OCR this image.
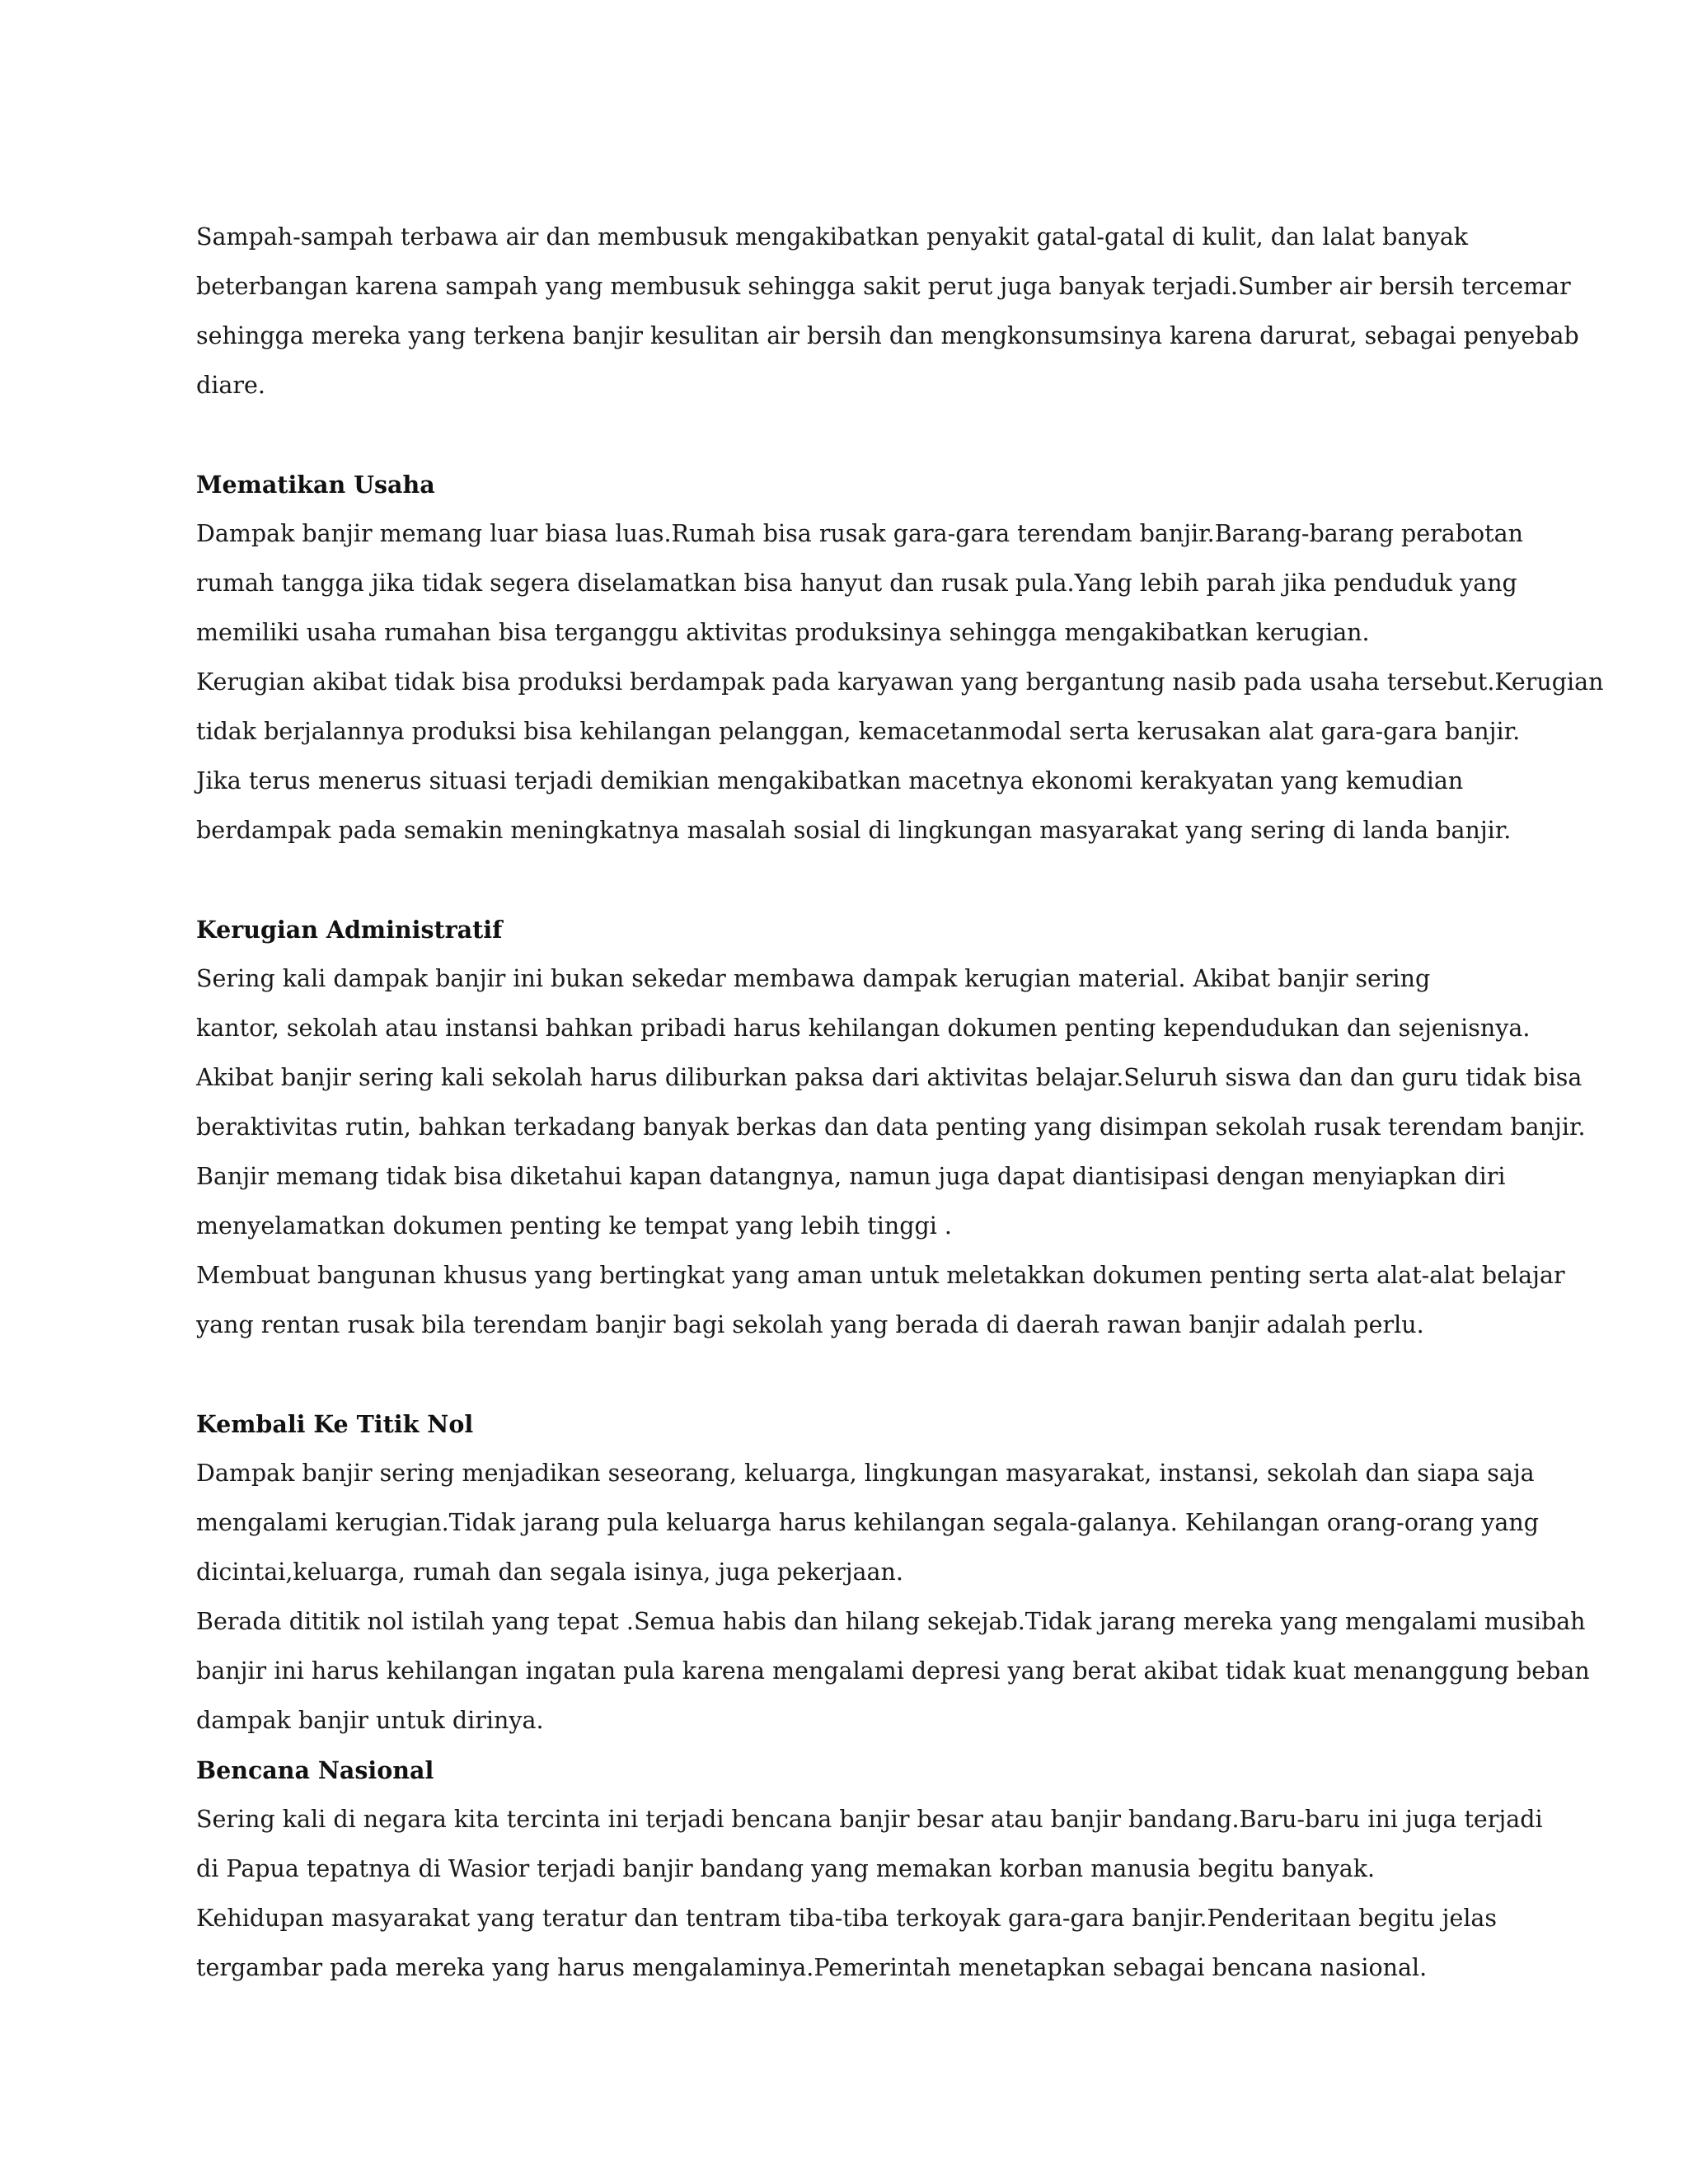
Sampah-sampah terbawa air dan membusuk mengakibatkan penyakit gatal-gatal di kulit, dan lalat banyak
beterbangan karena sampah yang membusuk sehingga sakit perut juga banyak terjadi.Sumber air bersih tercemar
sehingga mereka yang terkena banjir kesulitan air bersih dan mengkonsumsinya karena darurat, sebagai penyebab
diare.
Mematikan Usaha
Dampak banjir memang luar biasa luas.Rumah bisa rusak gara-gara terendam banjir.Barang-barang perabotan
rumah tangga jika tidak segera diselamatkan bisa hanyut dan rusak pula.Yang lebih parah jika penduduk yang
memiliki usaha rumahan bisa terganggu aktivitas produksinya sehingga mengakibatkan kerugian.
Kerugian akibat tidak bisa produksi berdampak pada karyawan yang bergantung nasib pada usaha tersebut.Kerugian
tidak berjalannya produksi bisa kehilangan pelanggan, kemacetanmodal serta kerusakan alat gara-gara banjir.
Jika terus menerus situasi terjadi demikian mengakibatkan macetnya ekonomi kerakyatan yang kemudian
berdampak pada semakin meningkatnya masalah sosial di lingkungan masyarakat yang sering di landa banjir.
Kerugian Administratif
Sering kali dampak banjir ini bukan sekedar membawa dampak kerugian material. Akibat banjir sering
kantor, sekolah atau instansi bahkan pribadi harus kehilangan dokumen penting kependudukan dan sejenisnya.
Akibat banjir sering kali sekolah harus diliburkan paksa dari aktivitas belajar.Seluruh siswa dan dan guru tidak bisa
beraktivitas rutin, bahkan terkadang banyak berkas dan data penting yang disimpan sekolah rusak terendam banjir.
Banjir memang tidak bisa diketahui kapan datangnya, namun juga dapat diantisipasi dengan menyiapkan diri
menyelamatkan dokumen penting ke tempat yang lebih tinggi .
Membuat bangunan khusus yang bertingkat yang aman untuk meletakkan dokumen penting serta alat-alat belajar
yang rentan rusak bila terendam banjir bagi sekolah yang berada di daerah rawan banjir adalah perlu.
Kembali Ke Titik Nol
Dampak banjir sering menjadikan seseorang, keluarga, lingkungan masyarakat, instansi, sekolah dan siapa saja
mengalami kerugian.Tidak jarang pula keluarga harus kehilangan segala-galanya. Kehilangan orang-orang yang
dicintai,keluarga, rumah dan segala isinya, juga pekerjaan.
Berada dititik nol istilah yang tepat .Semua habis dan hilang sekejab.Tidak jarang mereka yang mengalami musibah
banjir ini harus kehilangan ingatan pula karena mengalami depresi yang berat akibat tidak kuat menanggung beban
dampak banjir untuk dirinya.
Bencana Nasional
Sering kali di negara kita tercinta ini terjadi bencana banjir besar atau banjir bandang.Baru-baru ini juga terjadi
di Papua tepatnya di Wasior terjadi banjir bandang yang memakan korban manusia begitu banyak.
Kehidupan masyarakat yang teratur dan tentram tiba-tiba terkoyak gara-gara banjir.Penderitaan begitu jelas
tergambar pada mereka yang harus mengalaminya.Pemerintah menetapkan sebagai bencana nasional.
